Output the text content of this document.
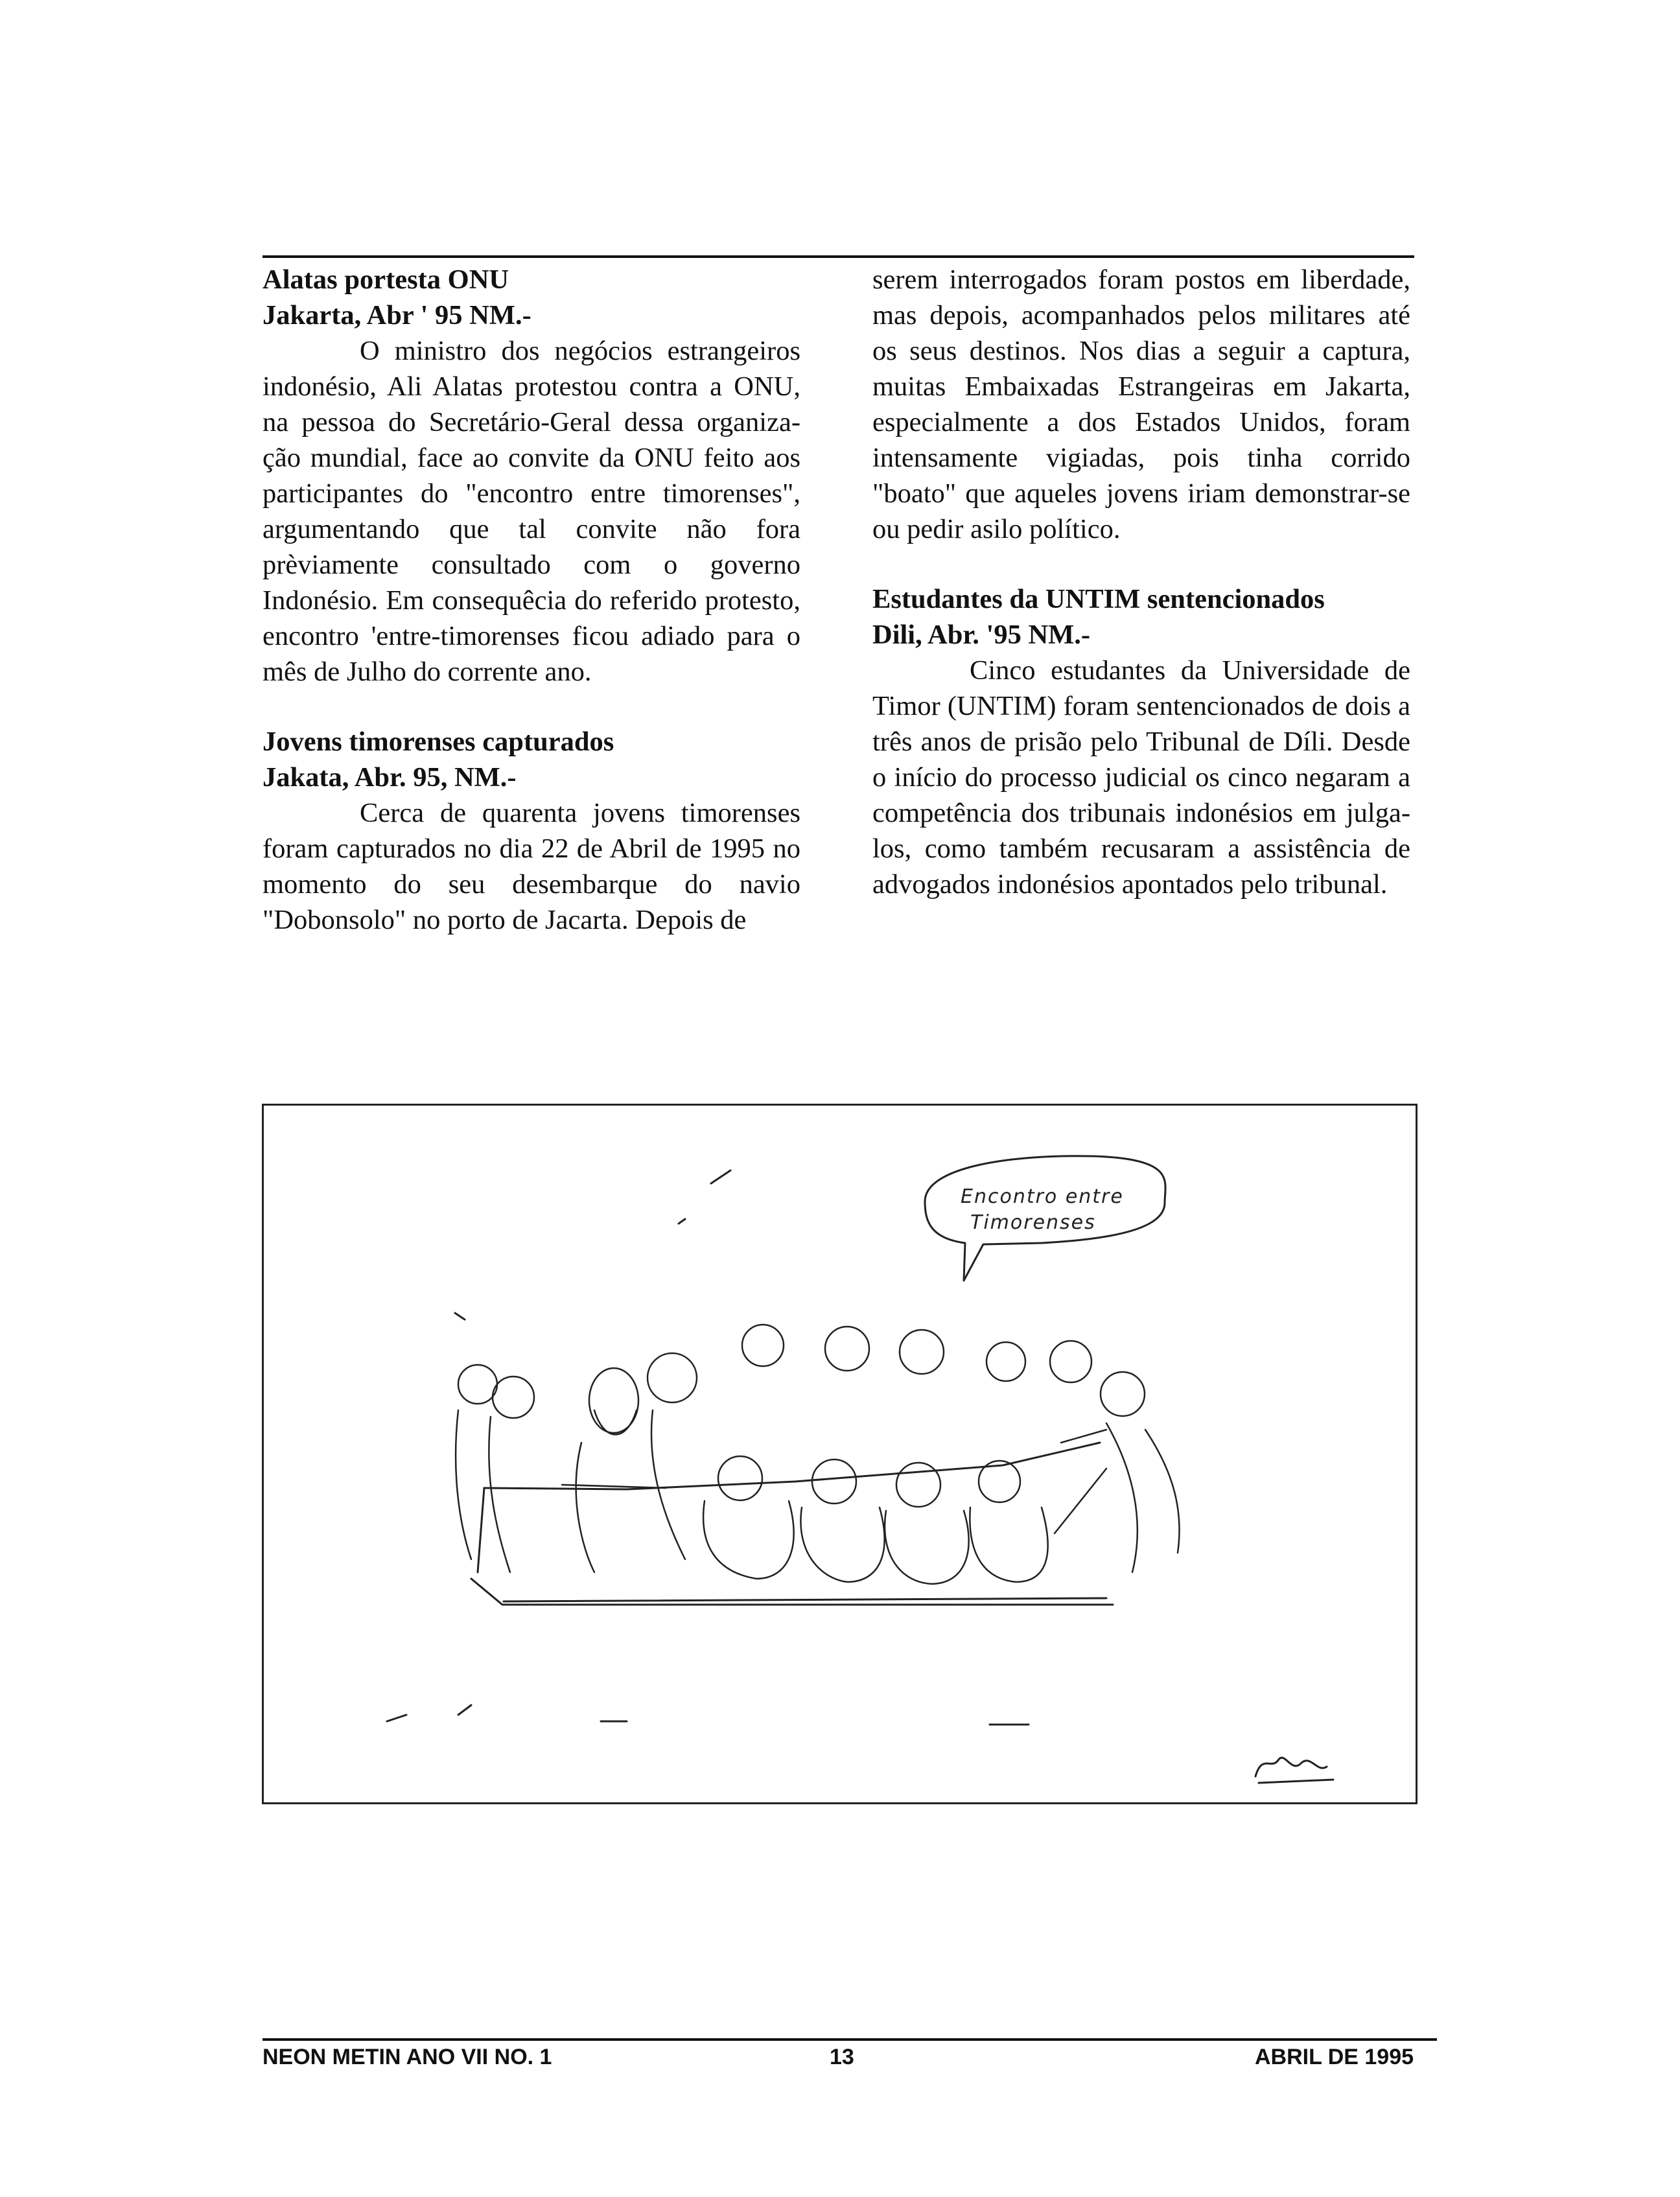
Alatas portesta ONU

Jakarta, Abr ' 95 NM.-

O ministro dos negócios estrangeiros indonésio, Ali Alatas protestou contra a ONU, na pessoa do Secretário-Geral dessa organiza-ção mundial, face ao convite da ONU feito aos participantes do "encontro entre timorenses", argumentando que tal convite não fora prèviamente consultado com o governo Indonésio. Em consequêcia do referido protesto, encontro 'entre-timorenses ficou adiado para o mês de Julho do corrente ano.

Jovens timorenses capturados

Jakata, Abr. 95, NM.-

Cerca de quarenta jovens timorenses foram capturados no dia 22 de Abril de 1995 no momento do seu desembarque do navio "Dobonsolo" no porto de Jacarta. Depois de

serem interrogados foram postos em liberdade, mas depois, acompanhados pelos militares até os seus destinos. Nos dias a seguir a captura, muitas Embaixadas Estrangeiras em Jakarta, especialmente a dos Estados Unidos, foram intensamente vigiadas, pois tinha corrido "boato" que aqueles jovens iriam demonstrar-se ou pedir asilo político.

Estudantes da UNTIM sentencionados

Dili, Abr. '95 NM.-

Cinco estudantes da Universidade de Timor (UNTIM) foram sentencionados de dois a três anos de prisão pelo Tribunal de Díli. Desde o início do processo judicial os cinco negaram a competência dos tribunais indonésios em julga-los, como também recusaram a assistência de advogados indonésios apontados pelo tribunal.

Encontro entre
Timorenses
NEON METIN ANO VII NO. 1	13	ABRIL DE 1995
